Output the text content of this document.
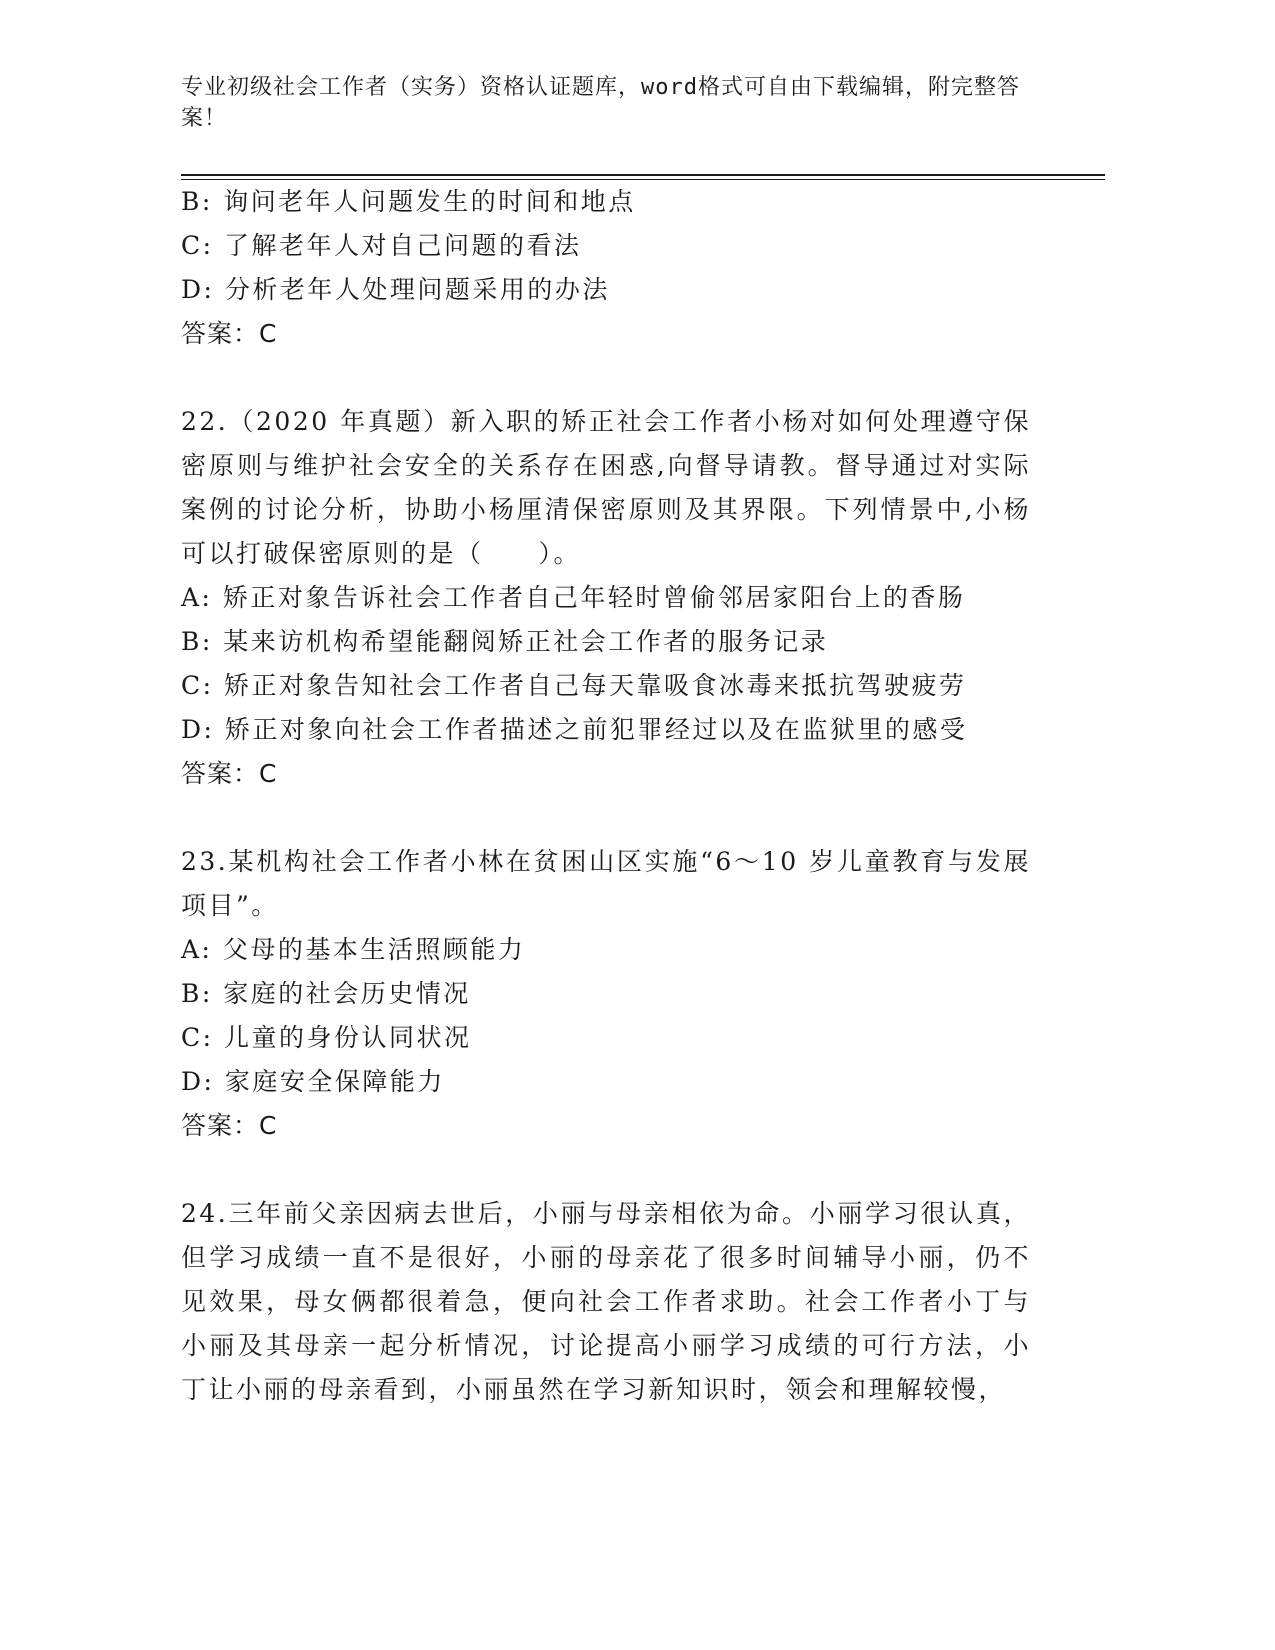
专业初级社会工作者（实务）资格认证题库，word格式可自由下载编辑，附完整答案！
B: 询问老年人问题发生的时间和地点
C: 了解老年人对自己问题的看法
D: 分析老年人处理问题采用的办法
答案：C
22.（2020 年真题）新入职的矫正社会工作者小杨对如何处理遵守保密原则与维护社会安全的关系存在困惑,向督导请教。督导通过对实际案例的讨论分析，协助小杨厘清保密原则及其界限。下列情景中,小杨可以打破保密原则的是（　　）。
A: 矫正对象告诉社会工作者自己年轻时曾偷邻居家阳台上的香肠
B: 某来访机构希望能翻阅矫正社会工作者的服务记录
C: 矫正对象告知社会工作者自己每天靠吸食冰毒来抵抗驾驶疲劳
D: 矫正对象向社会工作者描述之前犯罪经过以及在监狱里的感受
答案：C
23.某机构社会工作者小林在贫困山区实施“6～10 岁儿童教育与发展项目”。
A: 父母的基本生活照顾能力
B: 家庭的社会历史情况
C: 儿童的身份认同状况
D: 家庭安全保障能力
答案：C
24.三年前父亲因病去世后，小丽与母亲相依为命。小丽学习很认真，但学习成绩一直不是很好，小丽的母亲花了很多时间辅导小丽，仍不见效果，母女俩都很着急，便向社会工作者求助。社会工作者小丁与小丽及其母亲一起分析情况，讨论提高小丽学习成绩的可行方法，小丁让小丽的母亲看到，小丽虽然在学习新知识时，领会和理解较慢，
